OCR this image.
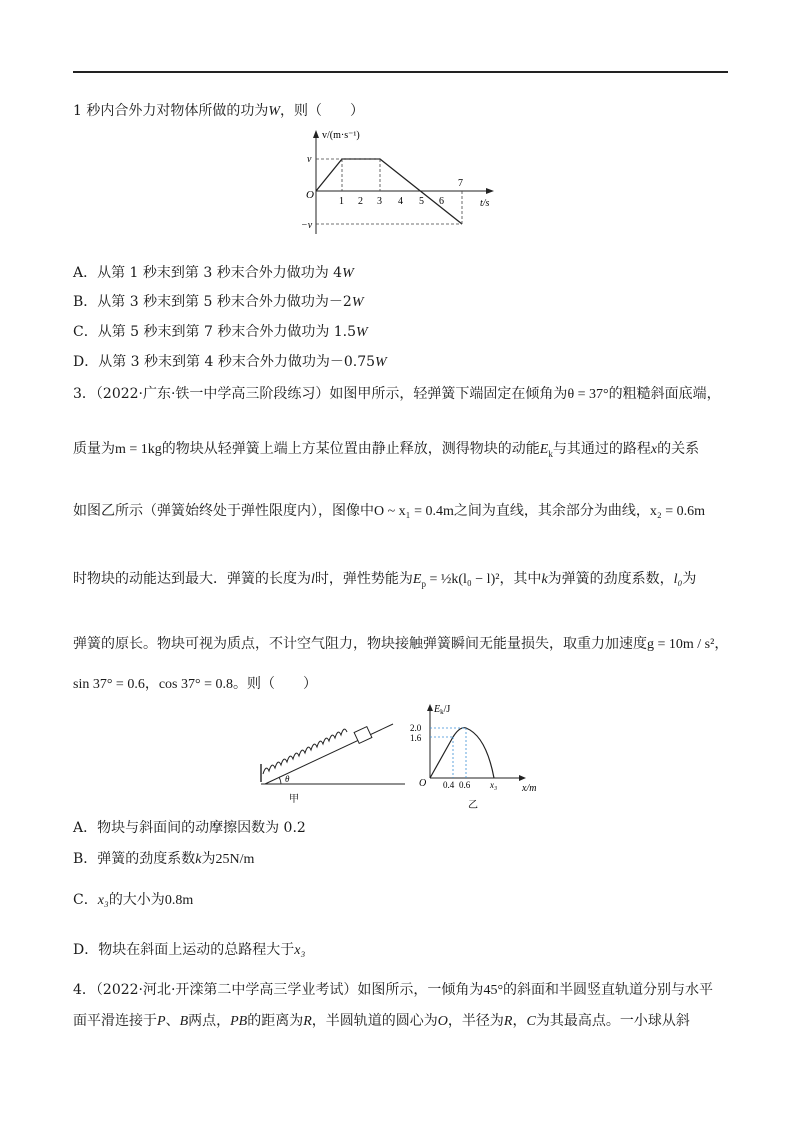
1 秒内合外力对物体所做的功为W，则（　　）
v/(m·s⁻¹)
v
−v
O
1 2 3 4 5 6
7
t/s
A．从第 1 秒末到第 3 秒末合外力做功为 4W
B．从第 3 秒末到第 5 秒末合外力做功为－2W
C．从第 5 秒末到第 7 秒末合外力做功为 1.5W
D．从第 3 秒末到第 4 秒末合外力做功为－0.75W
3．（2022·广东·铁一中学高三阶段练习）如图甲所示，轻弹簧下端固定在倾角为θ = 37°的粗糙斜面底端，
质量为m = 1kg的物块从轻弹簧上端上方某位置由静止释放，测得物块的动能$E_k$与其通过的路程x的关系
如图乙所示（弹簧始终处于弹性限度内），图像中O ~ x₁ = 0.4m之间为直线，其余部分为曲线，x₂ = 0.6m
时物块的动能达到最大．弹簧的长度为l时，弹性势能为$E_p$ = ½k(l₀ − l)²，其中k为弹簧的劲度系数，l₀为
弹簧的原长。物块可视为质点，不计空气阻力，物块接触弹簧瞬间无能量损失，取重力加速度g = 10m / s²，
sin 37° = 0.6，cos 37° = 0.8。则（　　）
θ
甲
$E_k/J$
2.0
1.6
O 0.4 0.6 x₃ x/m
乙
A．物块与斜面间的动摩擦因数为 0.2
B．弹簧的劲度系数k为25N/m
C．x₃的大小为0.8m
D．物块在斜面上运动的总路程大于x₃
4．（2022·河北·开滦第二中学高三学业考试）如图所示，一倾角为45°的斜面和半圆竖直轨道分别与水平
面平滑连接于P、B两点，PB的距离为R，半圆轨道的圆心为O，半径为R，C为其最高点。一小球从斜
